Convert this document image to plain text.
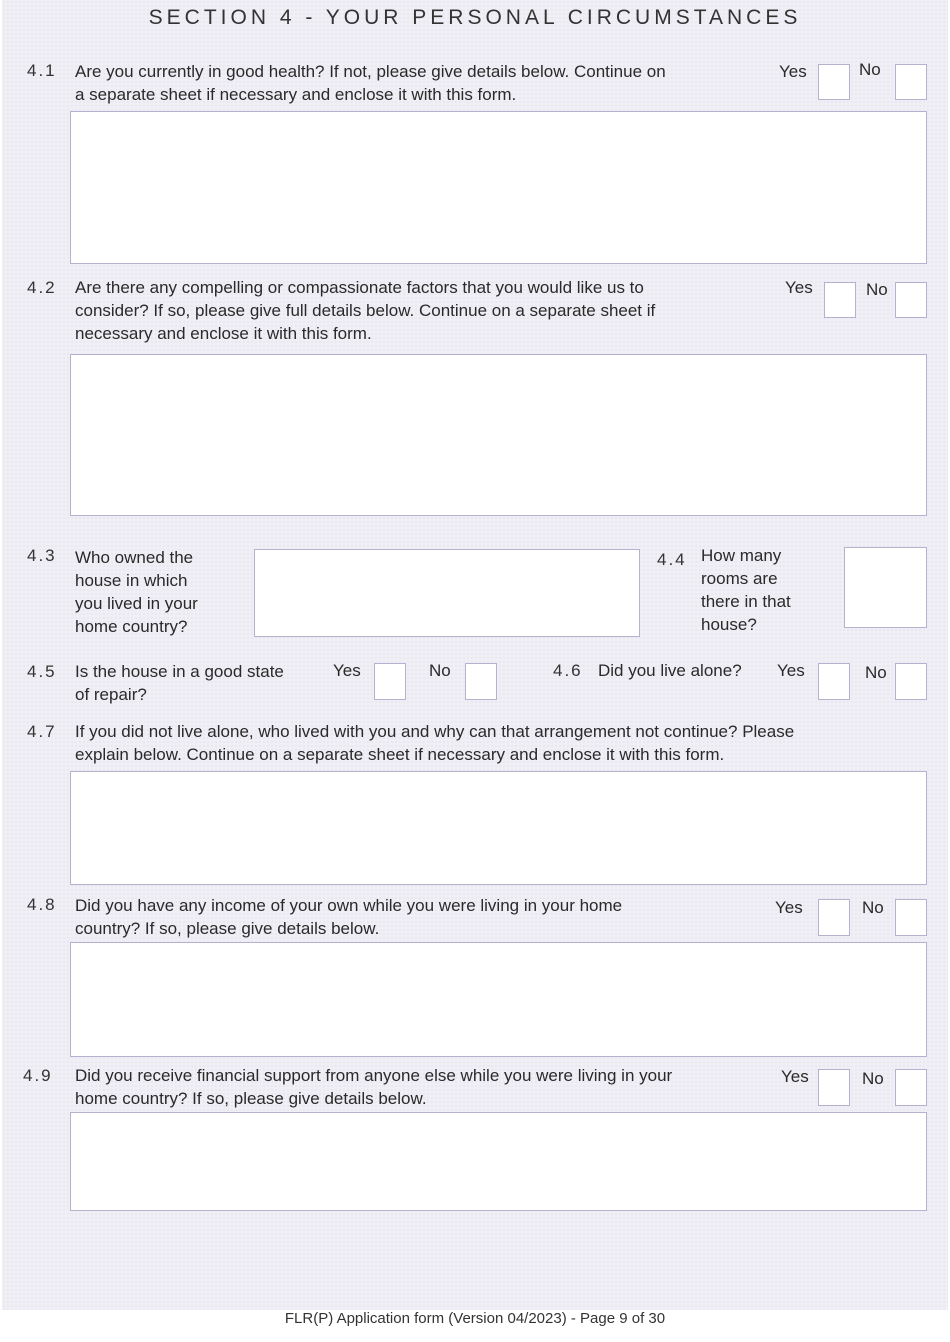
SECTION 4 - YOUR PERSONAL CIRCUMSTANCES
4.1 Are you currently in good health? If not, please give details below. Continue on
a separate sheet if necessary and enclose it with this form.
Yes	No
4.2 Are there any compelling or compassionate factors that you would like us to
consider? If so, please give full details below. Continue on a separate sheet if
necessary and enclose it with this form.
Yes	No
4.3 Who owned the
house in which
you lived in your
home country?
4.4 How many
rooms are
there in that
house?
4.5 Is the house in a good state
of repair?
Yes	No	4.6 Did you live alone? Yes	No
4.7 If you did not live alone, who lived with you and why can that arrangement not continue? Please
explain below. Continue on a separate sheet if necessary and enclose it with this form.
4.8 Did you have any income of your own while you were living in your home
country? If so, please give details below.
Yes	No
4.9 Did you receive financial support from anyone else while you were living in your
home country? If so, please give details below.
Yes	No
FLR(P) Application form (Version 04/2023) - Page 9 of 30
